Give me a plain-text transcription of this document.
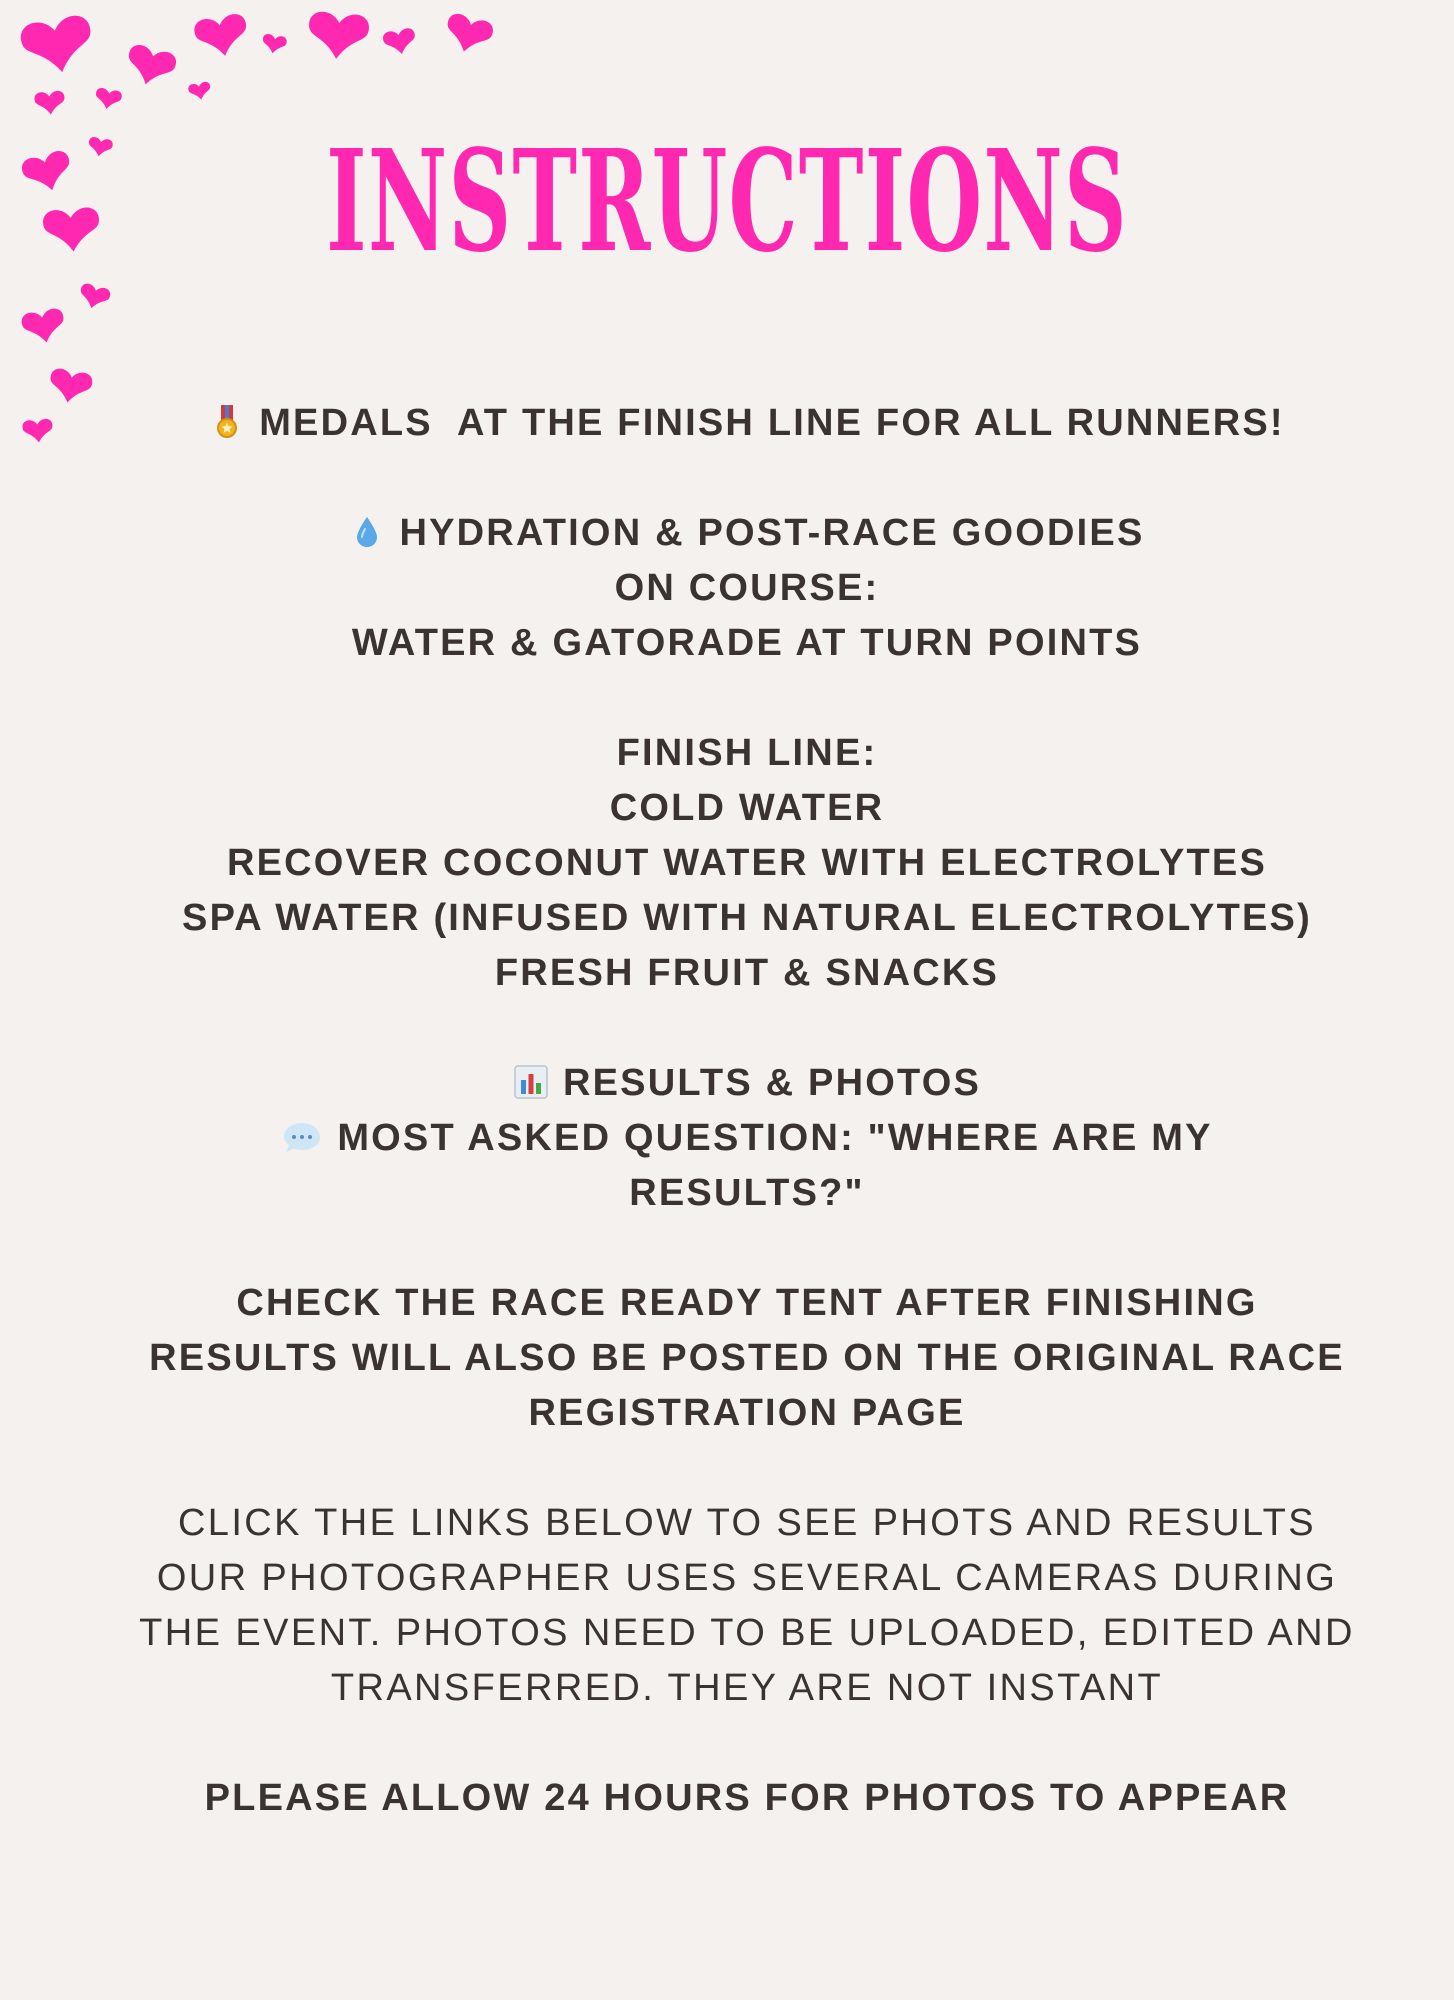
INSTRUCTIONS
MEDALS  AT THE FINISH LINE FOR ALL RUNNERS!
HYDRATION & POST-RACE GOODIES
ON COURSE:
WATER & GATORADE AT TURN POINTS
FINISH LINE:
COLD WATER
RECOVER COCONUT WATER WITH ELECTROLYTES
SPA WATER (INFUSED WITH NATURAL ELECTROLYTES)
FRESH FRUIT & SNACKS
RESULTS & PHOTOS
MOST ASKED QUESTION: "WHERE ARE MY
RESULTS?"
CHECK THE RACE READY TENT AFTER FINISHING
RESULTS WILL ALSO BE POSTED ON THE ORIGINAL RACE
REGISTRATION PAGE
CLICK THE LINKS BELOW TO SEE PHOTS AND RESULTS
OUR PHOTOGRAPHER USES SEVERAL CAMERAS DURING
THE EVENT. PHOTOS NEED TO BE UPLOADED, EDITED AND
TRANSFERRED. THEY ARE NOT INSTANT
PLEASE ALLOW 24 HOURS FOR PHOTOS TO APPEAR
